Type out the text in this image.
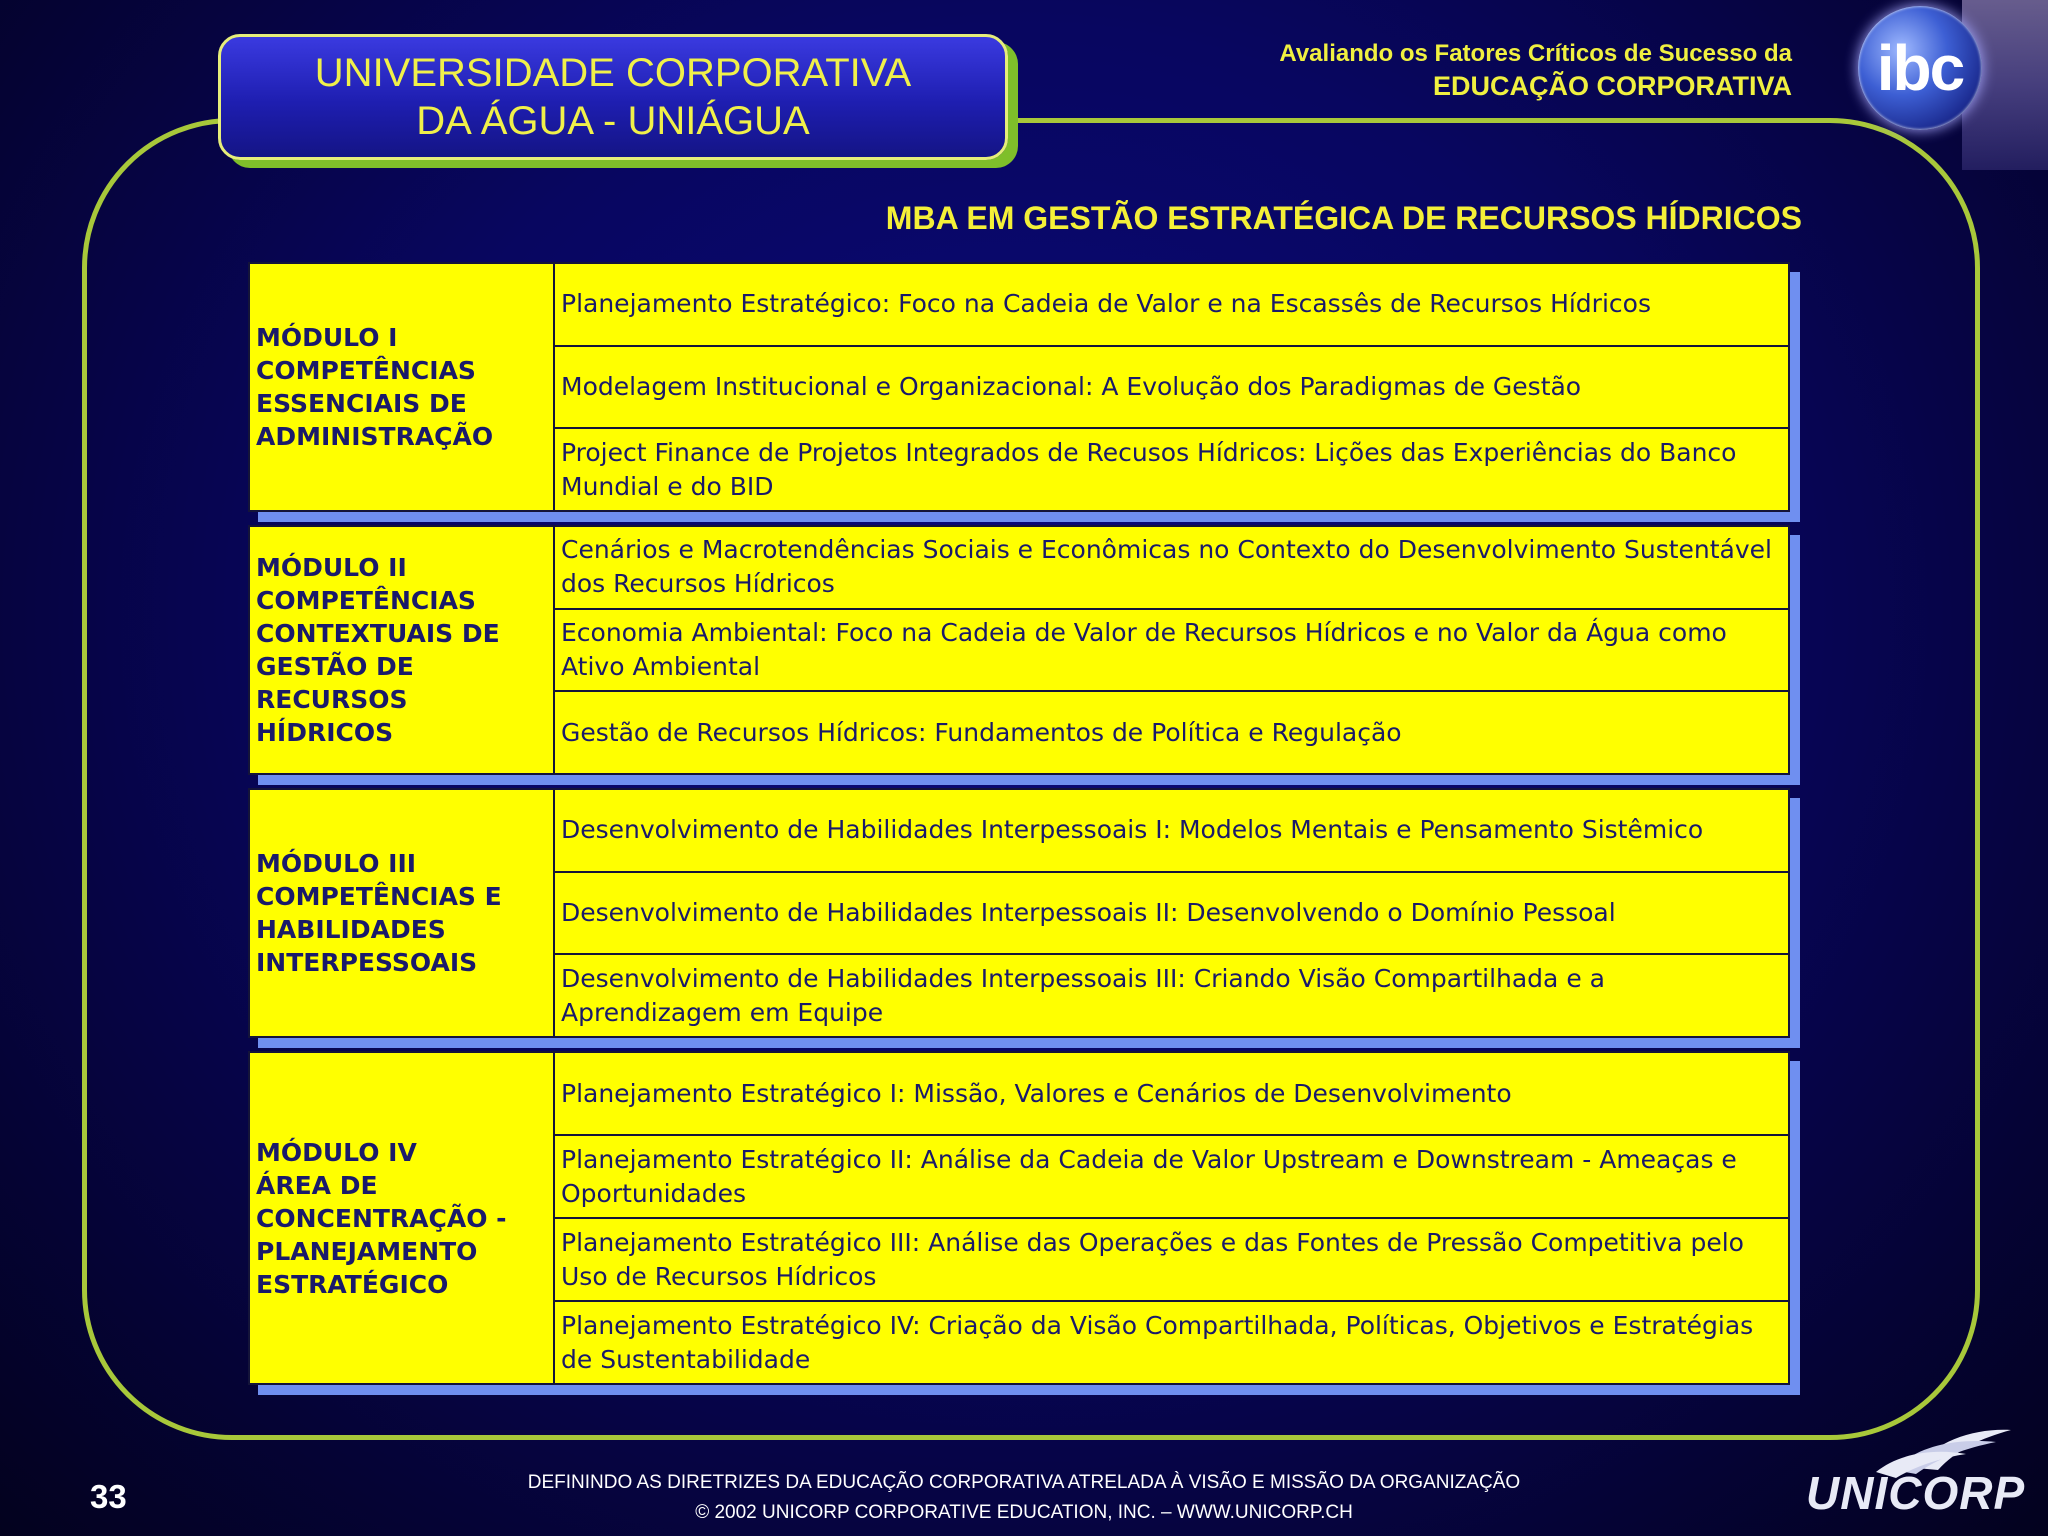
UNIVERSIDADE CORPORATIVA
DA ÁGUA - UNIÁGUA
Avaliando os Fatores Críticos de Sucesso da
EDUCAÇÃO CORPORATIVA ibc
MBA EM GESTÃO ESTRATÉGICA DE RECURSOS HÍDRICOS
MÓDULO I
COMPETÊNCIAS
ESSENCIAIS DE
ADMINISTRAÇÃO
Planejamento Estratégico: Foco na Cadeia de Valor e na Escassês de Recursos Hídricos
Modelagem Institucional e Organizacional: A Evolução dos Paradigmas de Gestão
Project Finance de Projetos Integrados de Recusos Hídricos: Lições das Experiências do Banco Mundial e do BID
MÓDULO II
COMPETÊNCIAS
CONTEXTUAIS DE
GESTÃO DE
RECURSOS
HÍDRICOS
Cenários e Macrotendências Sociais e Econômicas no Contexto do Desenvolvimento Sustentável dos Recursos Hídricos
Economia Ambiental: Foco na Cadeia de Valor de Recursos Hídricos e no Valor da Água como Ativo Ambiental
Gestão de Recursos Hídricos: Fundamentos de Política e Regulação
MÓDULO III
COMPETÊNCIAS E
HABILIDADES
INTERPESSOAIS
Desenvolvimento de Habilidades Interpessoais I: Modelos Mentais e Pensamento Sistêmico
Desenvolvimento de Habilidades Interpessoais II: Desenvolvendo o Domínio Pessoal
Desenvolvimento de Habilidades Interpessoais III: Criando Visão Compartilhada e a Aprendizagem em Equipe
MÓDULO IV
ÁREA DE
CONCENTRAÇÃO -
PLANEJAMENTO
ESTRATÉGICO
Planejamento Estratégico I: Missão, Valores e Cenários de Desenvolvimento
Planejamento Estratégico II: Análise da Cadeia de Valor Upstream e Downstream - Ameaças e Oportunidades
Planejamento Estratégico III: Análise das Operações e das Fontes de Pressão Competitiva pelo Uso de Recursos Hídricos
Planejamento Estratégico IV: Criação da Visão Compartilhada, Políticas, Objetivos e Estratégias de Sustentabilidade
33	DEFININDO AS DIRETRIZES DA EDUCAÇÃO CORPORATIVA ATRELADA À VISÃO E MISSÃO DA ORGANIZAÇÃO
© 2002 UNICORP CORPORATIVE EDUCATION, INC. – WWW.UNICORP.CH	UNICORP
